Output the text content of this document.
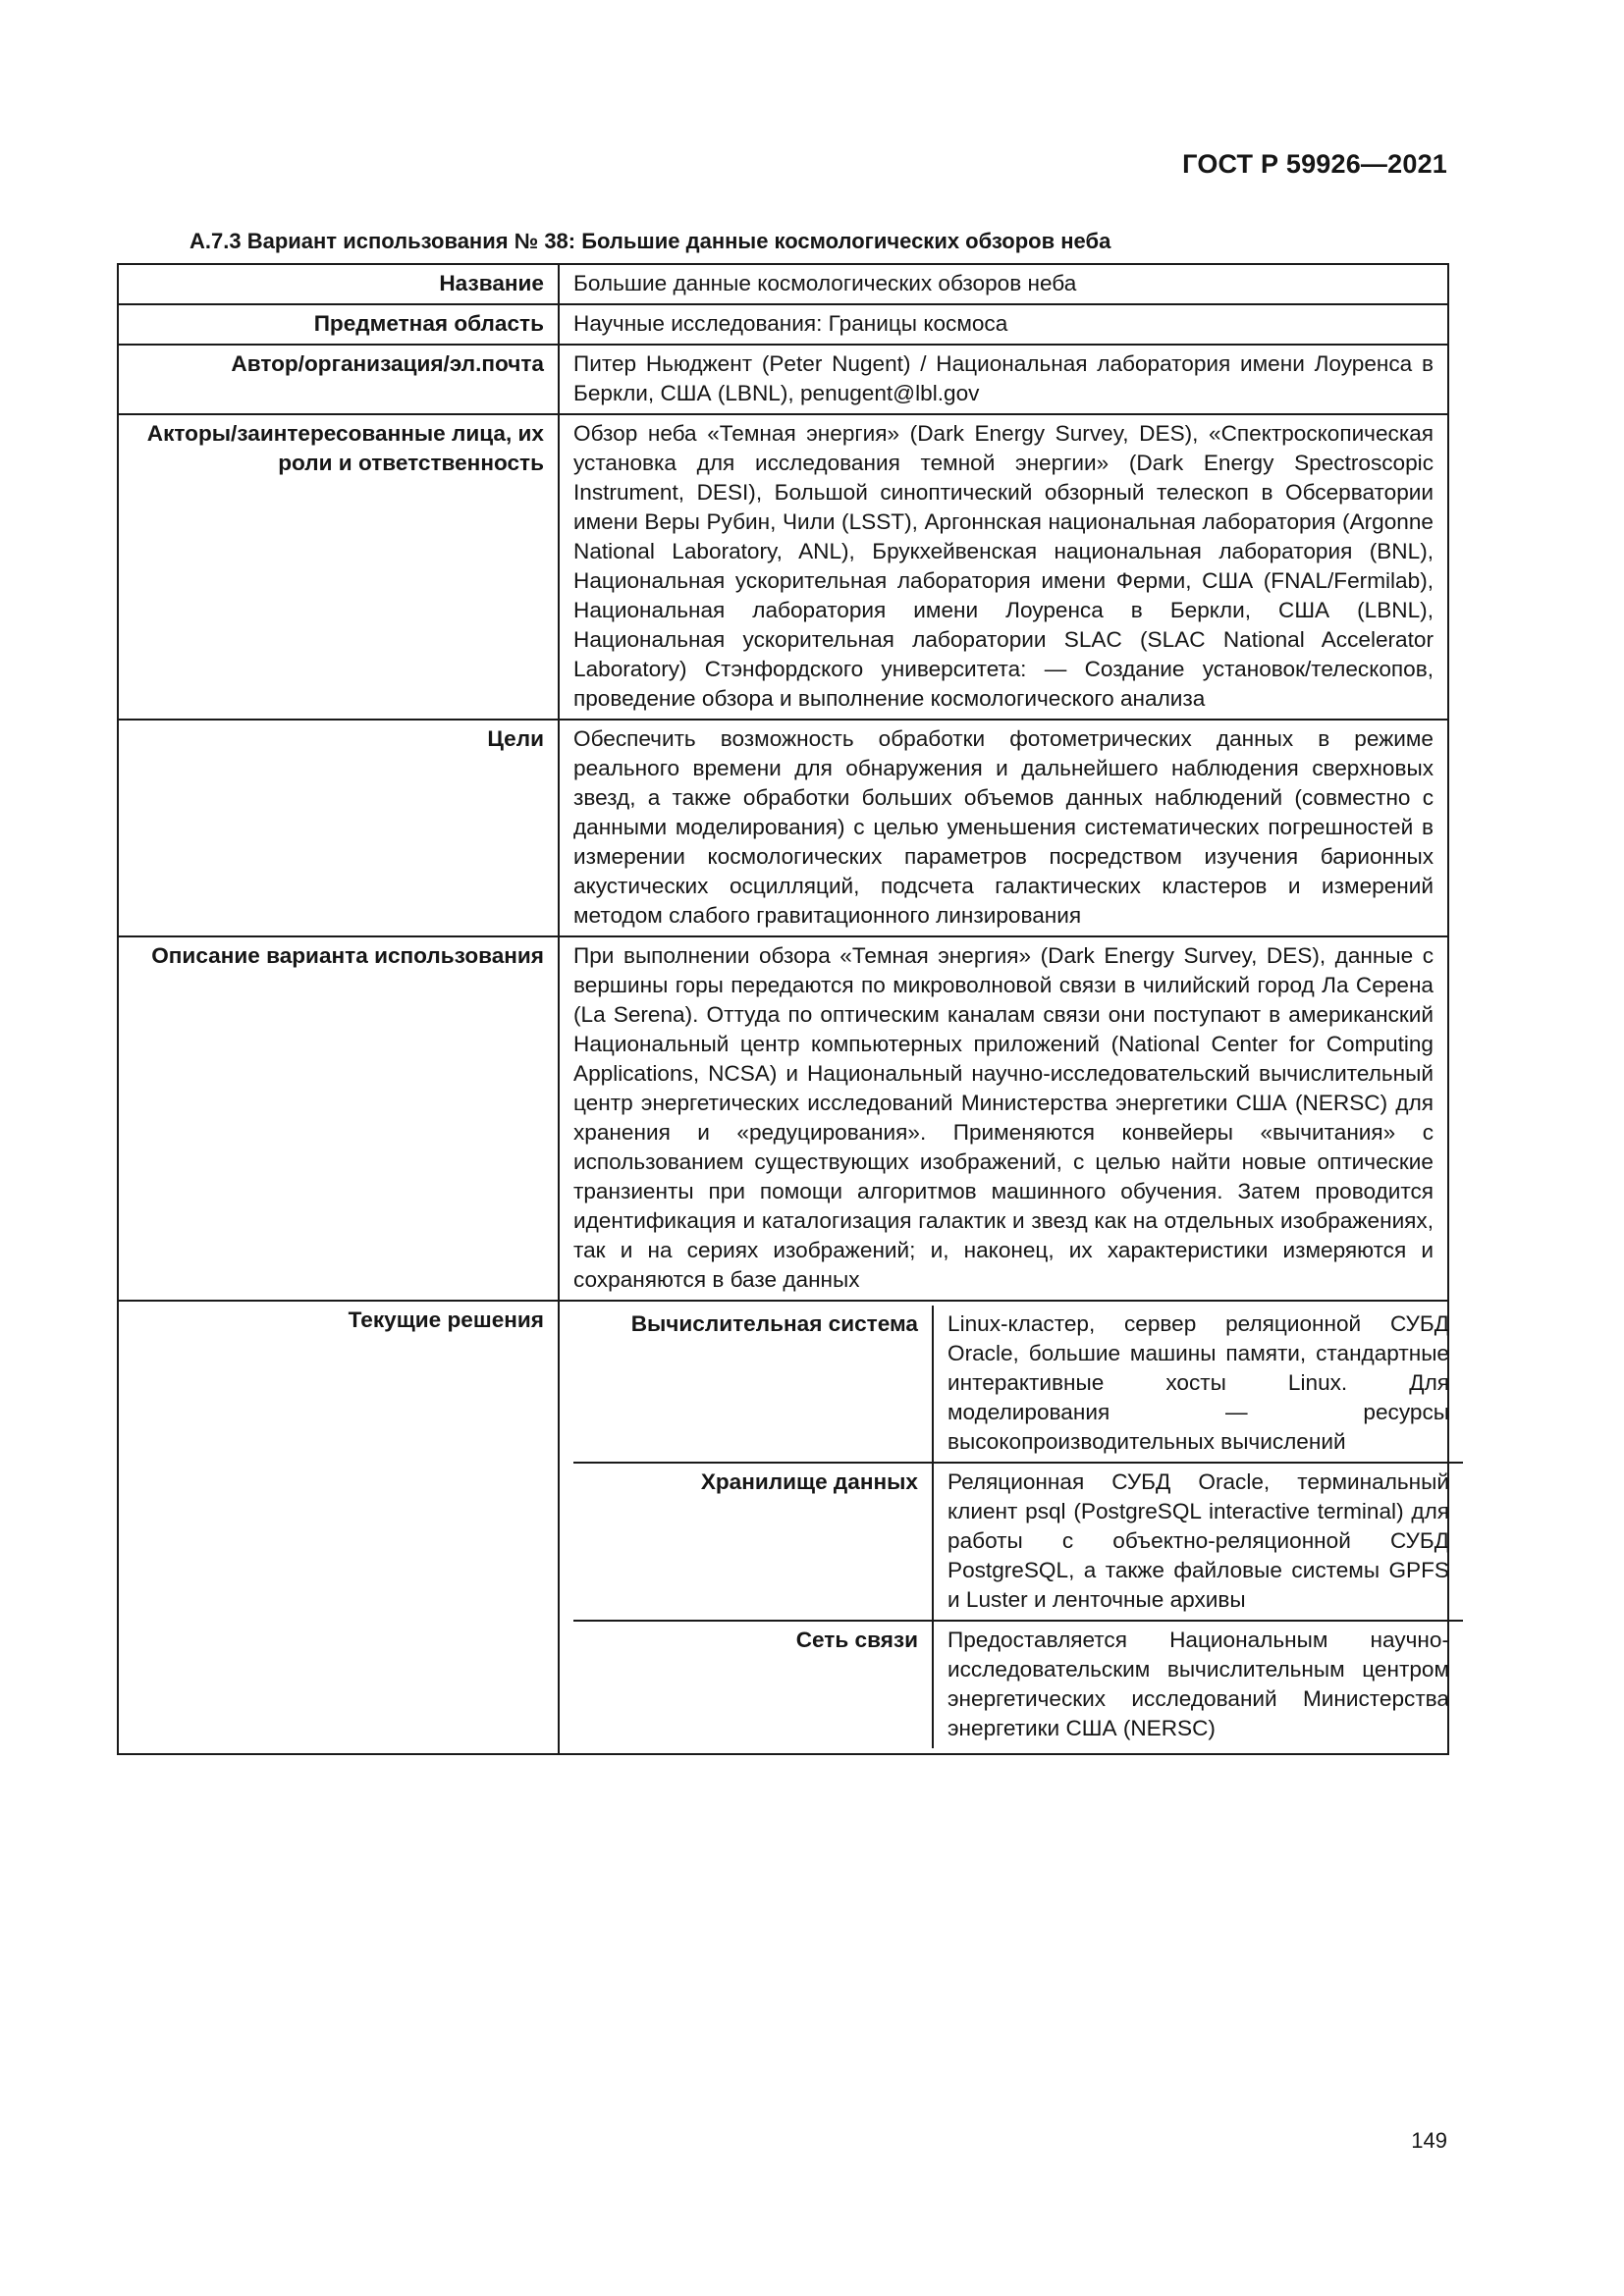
ГОСТ Р 59926—2021
А.7.3 Вариант использования № 38: Большие данные космологических обзоров неба
Название	Большие данные космологических обзоров неба
Предметная область	Научные исследования: Границы космоса
Автор/организация/эл.почта	Питер Ньюджент (Peter Nugent) / Национальная лаборатория имени Лоуренса в Беркли, США (LBNL), penugent@lbl.gov
Акторы/заинтересованные лица, их роли и ответственность	Обзор неба «Темная энергия» (Dark Energy Survey, DES), «Спектроскопическая установка для исследования темной энергии» (Dark Energy Spectroscopic Instrument, DESI), Большой синоптический обзорный телескоп в Обсерватории имени Веры Рубин, Чили (LSST), Аргоннская национальная лаборатория (Argonne National Laboratory, ANL), Брукхейвенская национальная лаборатория (BNL), Национальная ускорительная лаборатория имени Ферми, США (FNAL/Fermilab), Национальная лаборатория имени Лоуренса в Беркли, США (LBNL), Национальная ускорительная лаборатории SLAC (SLAC National Accelerator Laboratory) Стэнфордского университета: — Создание установок/телескопов, проведение обзора и выполнение космологического анализа
Цели	Обеспечить возможность обработки фотометрических данных в режиме реального времени для обнаружения и дальнейшего наблюдения сверхновых звезд, а также обработки больших объемов данных наблюдений (совместно с данными моделирования) с целью уменьшения систематических погрешностей в измерении космологических параметров посредством изучения барионных акустических осцилляций, подсчета галактических кластеров и измерений методом слабого гравитационного линзирования
Описание варианта использования	При выполнении обзора «Темная энергия» (Dark Energy Survey, DES), данные с вершины горы передаются по микроволновой связи в чилийский город Ла Серена (La Serena). Оттуда по оптическим каналам связи они поступают в американский Национальный центр компьютерных приложений (National Center for Computing Applications, NCSA) и Национальный научно-исследовательский вычислительный центр энергетических исследований Министерства энергетики США (NERSC) для хранения и «редуцирования». Применяются конвейеры «вычитания» с использованием существующих изображений, с целью найти новые оптические транзиенты при помощи алгоритмов машинного обучения. Затем проводится идентификация и каталогизация галактик и звезд как на отдельных изображениях, так и на сериях изображений; и, наконец, их характеристики измеряются и сохраняются в базе данных
Текущие решения		Вычислительная система	Linux-кластер, сервер реляционной СУБД Oracle, большие машины памяти, стандартные интерактивные хосты Linux. Для моделирования — ресурсы высокопроизводительных вычислений
Хранилище данных	Реляционная СУБД Oracle, терминальный клиент psql (PostgreSQL interactive terminal) для работы с объектно-реляционной СУБД PostgreSQL, а также файловые системы GPFS и Luster и ленточные архивы
Сеть связи	Предоставляется Национальным научно-исследовательским вычислительным центром энергетических исследований Министерства энергетики США (NERSC)
149
